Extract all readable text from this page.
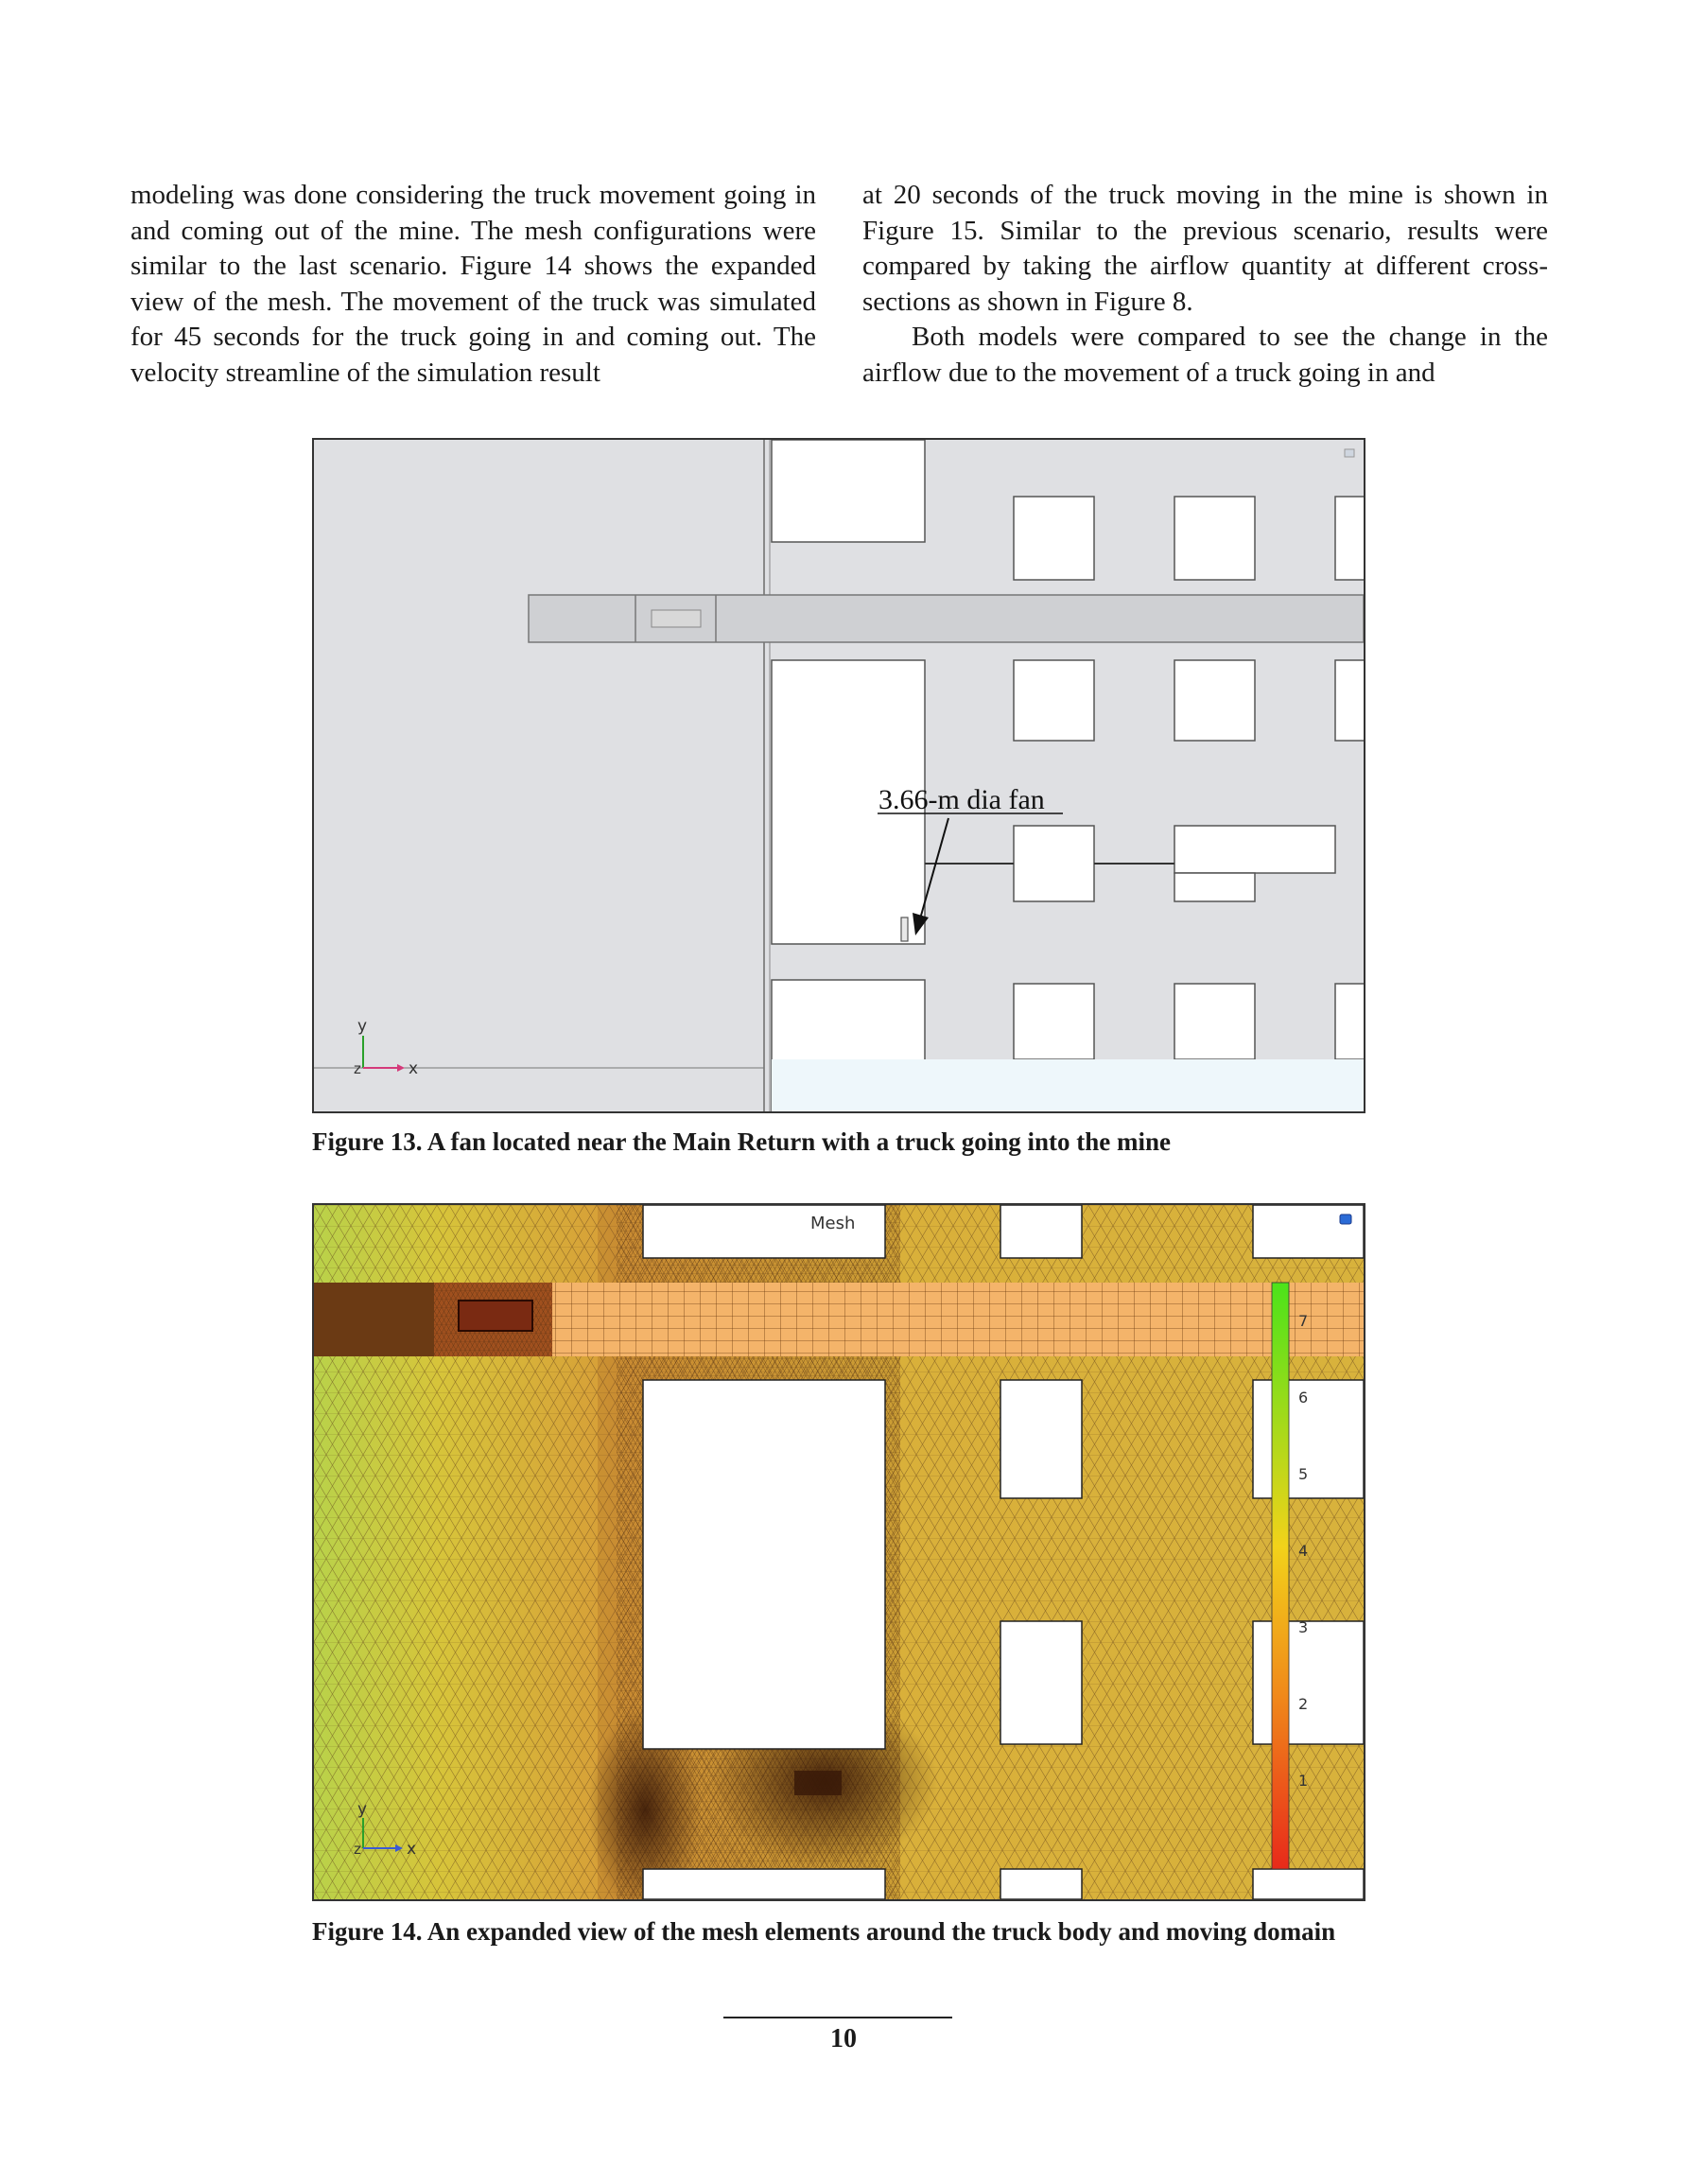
modeling was done considering the truck movement going in and coming out of the mine. The mesh configurations were similar to the last scenario. Figure 14 shows the expanded view of the mesh. The movement of the truck was simulated for 45 seconds for the truck going in and coming out. The velocity streamline of the simulation result

at 20 seconds of the truck moving in the mine is shown in Figure 15. Similar to the previous scenario, results were compared by taking the airflow quantity at different cross-sections as shown in Figure 8.

Both models were compared to see the change in the airflow due to the movement of a truck going in and

3.66-m dia fan
y
z	x
Figure 13. A fan located near the Main Return with a truck going into the mine
Mesh
7
6
5
4
3
2
1
y
z	x
Figure 14. An expanded view of the mesh elements around the truck body and moving domain
10
